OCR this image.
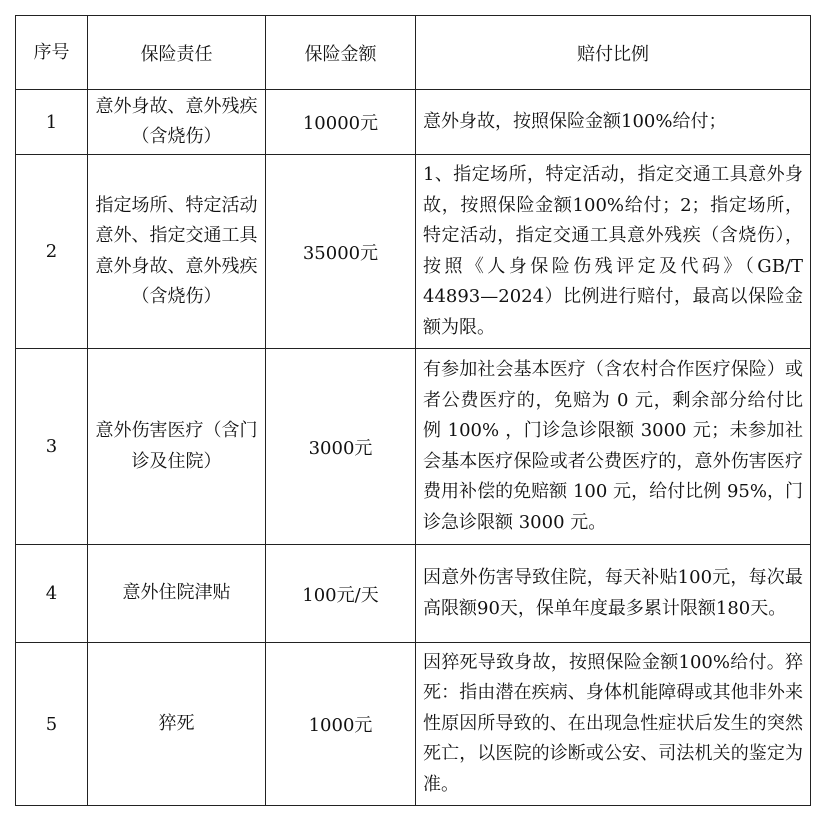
序号	保险责任	保险金额	赔付比例
1	意外身故、意外残疾（含烧伤）	10000元	意外身故，按照保险金额100%给付；
2	指定场所、特定活动意外、指定交通工具意外身故、意外残疾（含烧伤）	35000元	1、指定场所，特定活动，指定交通工具意外身故，按照保险金额100%给付；2；指定场所，特定活动，指定交通工具意外残疾（含烧伤），按照《人身保险伤残评定及代码》（GB/T 44893—2024）比例进行赔付，最高以保险金额为限。
3	意外伤害医疗（含门诊及住院）	3000元	有参加社会基本医疗（含农村合作医疗保险）或者公费医疗的，免赔为 0 元，剩余部分给付比例 100% ，门诊急诊限额 3000 元；未参加社会基本医疗保险或者公费医疗的，意外伤害医疗费用补偿的免赔额 100 元，给付比例 95%，门诊急诊限额 3000 元。
4	意外住院津贴	100元/天	因意外伤害导致住院，每天补贴100元，每次最高限额90天，保单年度最多累计限额180天。
5	猝死	1000元	因猝死导致身故，按照保险金额100%给付。猝死：指由潜在疾病、身体机能障碍或其他非外来性原因所导致的、在出现急性症状后发生的突然死亡，以医院的诊断或公安、司法机关的鉴定为准。
